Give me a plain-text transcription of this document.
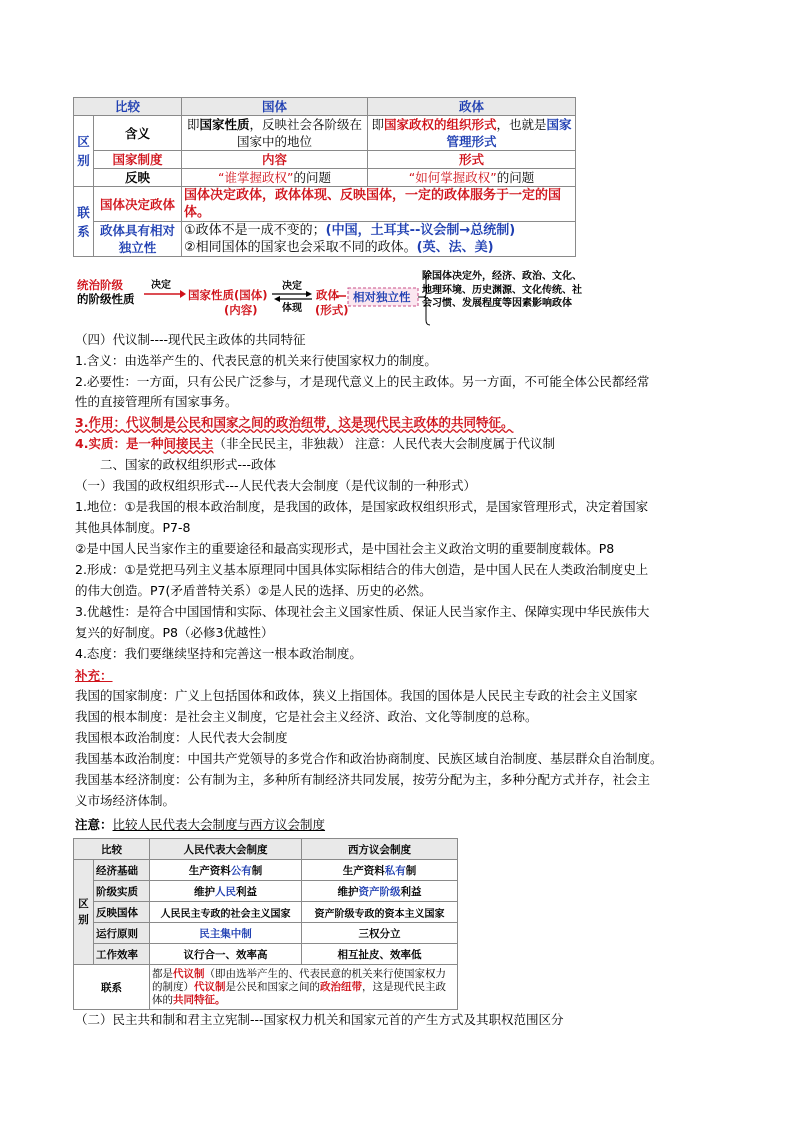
比较		国体	政体
区别	含义	即国家性质，反映社会各阶级在国家中的地位	即国家政权的组织形式，也就是国家管理形式
	国家制度	内容	形式
	反映	“谁掌握政权”的问题	“如何掌握政权”的问题
联系	国体决定政体	国体决定政体，政体体现、反映国体，一定的政体服务于一定的国体。	
	政体具有相对独立性	①政体不是一成不变的；(中国，土耳其--议会制→总统制)
②相同国体的国家也会采取不同的政体。(英、法、美)	
统治阶级
的阶级性质
决定
国家性质(国体)
(内容)
决定
体现
政体
(形式)
相对独立性
除国体决定外，经济、政治、文化、地理环境、历史渊源、文化传统、社会习惯、发展程度等因素影响政体
（四）代议制----现代民主政体的共同特征
1.含义：由选举产生的、代表民意的机关来行使国家权力的制度。
2.必要性：一方面，只有公民广泛参与，才是现代意义上的民主政体。另一方面，不可能全体公民都经常
性的直接管理所有国家事务。
3.作用：代议制是公民和国家之间的政治纽带，这是现代民主政体的共同特征。
4.实质：是一种间接民主（非全民民主，非独裁） 注意：人民代表大会制度属于代议制
二、国家的政权组织形式---政体
（一）我国的政权组织形式---人民代表大会制度（是代议制的一种形式）
1.地位：①是我国的根本政治制度，是我国的政体，是国家政权组织形式，是国家管理形式，决定着国家
其他具体制度。P7-8
②是中国人民当家作主的重要途径和最高实现形式，是中国社会主义政治文明的重要制度载体。P8
2.形成：①是党把马列主义基本原理同中国具体实际相结合的伟大创造，是中国人民在人类政治制度史上
的伟大创造。P7(矛盾普特关系）②是人民的选择、历史的必然。
3.优越性：是符合中国国情和实际、体现社会主义国家性质、保证人民当家作主、保障实现中华民族伟大
复兴的好制度。P8（必修3优越性）
4.态度：我们要继续坚持和完善这一根本政治制度。
补充：
我国的国家制度：广义上包括国体和政体，狭义上指国体。我国的国体是人民民主专政的社会主义国家
我国的根本制度：是社会主义制度，它是社会主义经济、政治、文化等制度的总称。
我国根本政治制度：人民代表大会制度
我国基本政治制度：中国共产党领导的多党合作和政治协商制度、民族区域自治制度、基层群众自治制度。
我国基本经济制度：公有制为主，多种所有制经济共同发展，按劳分配为主，多种分配方式并存，社会主
义市场经济体制。
注意：比较人民代表大会制度与西方议会制度
比较		人民代表大会制度	西方议会制度
区别	经济基础	生产资料公有制	生产资料私有制
	阶级实质	维护人民利益	维护资产阶级利益
	反映国体	人民民主专政的社会主义国家	资产阶级专政的资本主义国家
	运行原则	民主集中制	三权分立
	工作效率	议行合一、效率高	相互扯皮、效率低
联系		都是代议制（即由选举产生的、代表民意的机关来行使国家权力的制度）代议制是公民和国家之间的政治纽带，这是现代民主政体的共同特征。	
（二）民主共和制和君主立宪制---国家权力机关和国家元首的产生方式及其职权范围区分
